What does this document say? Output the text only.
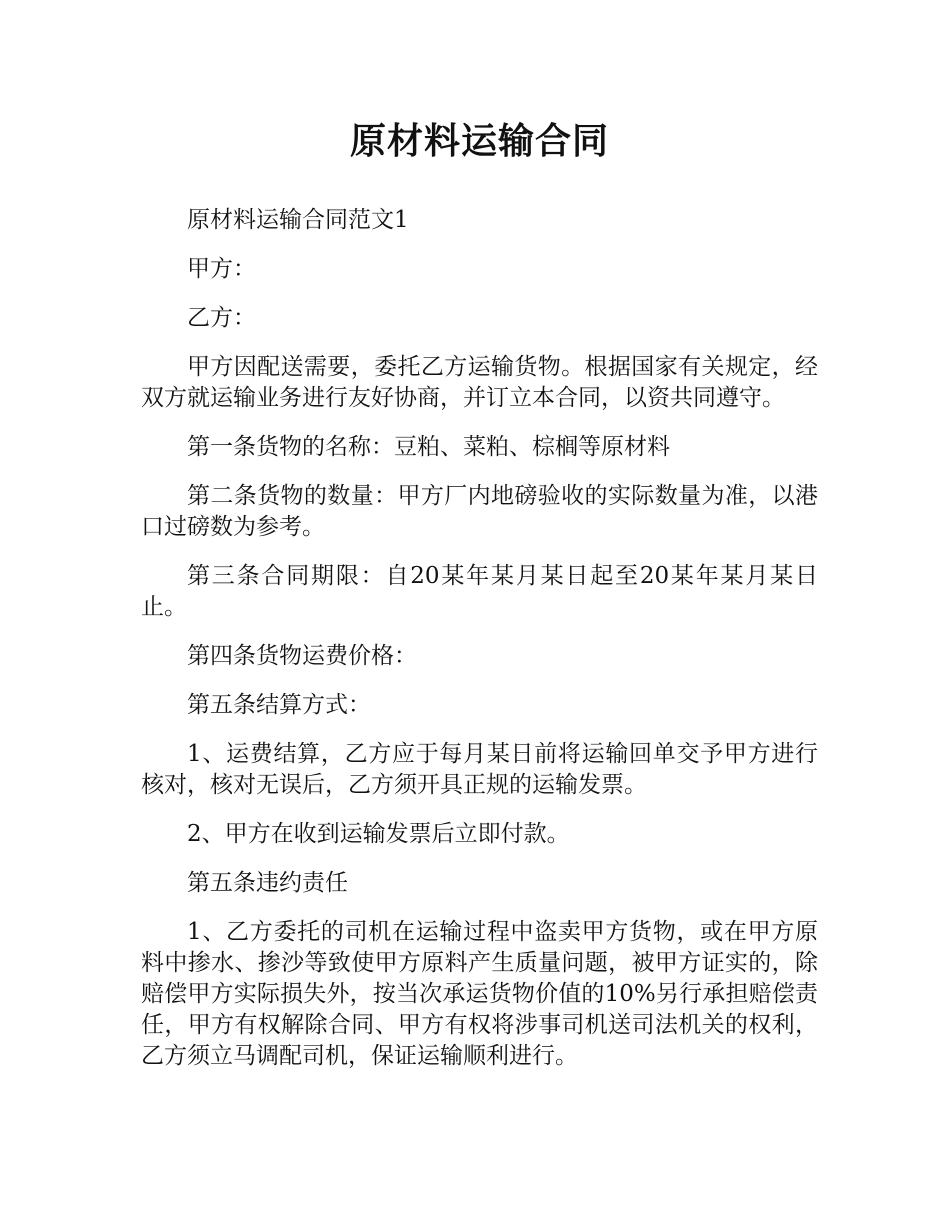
原材料运输合同

原材料运输合同范文1

甲方：

乙方：

甲方因配送需要，委托乙方运输货物。根据国家有关规定，经双方就运输业务进行友好协商，并订立本合同，以资共同遵守。

第一条货物的名称：豆粕、菜粕、棕榈等原材料

第二条货物的数量：甲方厂内地磅验收的实际数量为准，以港口过磅数为参考。

第三条合同期限：自20某年某月某日起至20某年某月某日止。

第四条货物运费价格：

第五条结算方式：

1、运费结算，乙方应于每月某日前将运输回单交予甲方进行核对，核对无误后，乙方须开具正规的运输发票。

2、甲方在收到运输发票后立即付款。

第五条违约责任

1、乙方委托的司机在运输过程中盗卖甲方货物，或在甲方原料中掺水、掺沙等致使甲方原料产生质量问题，被甲方证实的，除赔偿甲方实际损失外，按当次承运货物价值的10%另行承担赔偿责任，甲方有权解除合同、甲方有权将涉事司机送司法机关的权利，乙方须立马调配司机，保证运输顺利进行。
